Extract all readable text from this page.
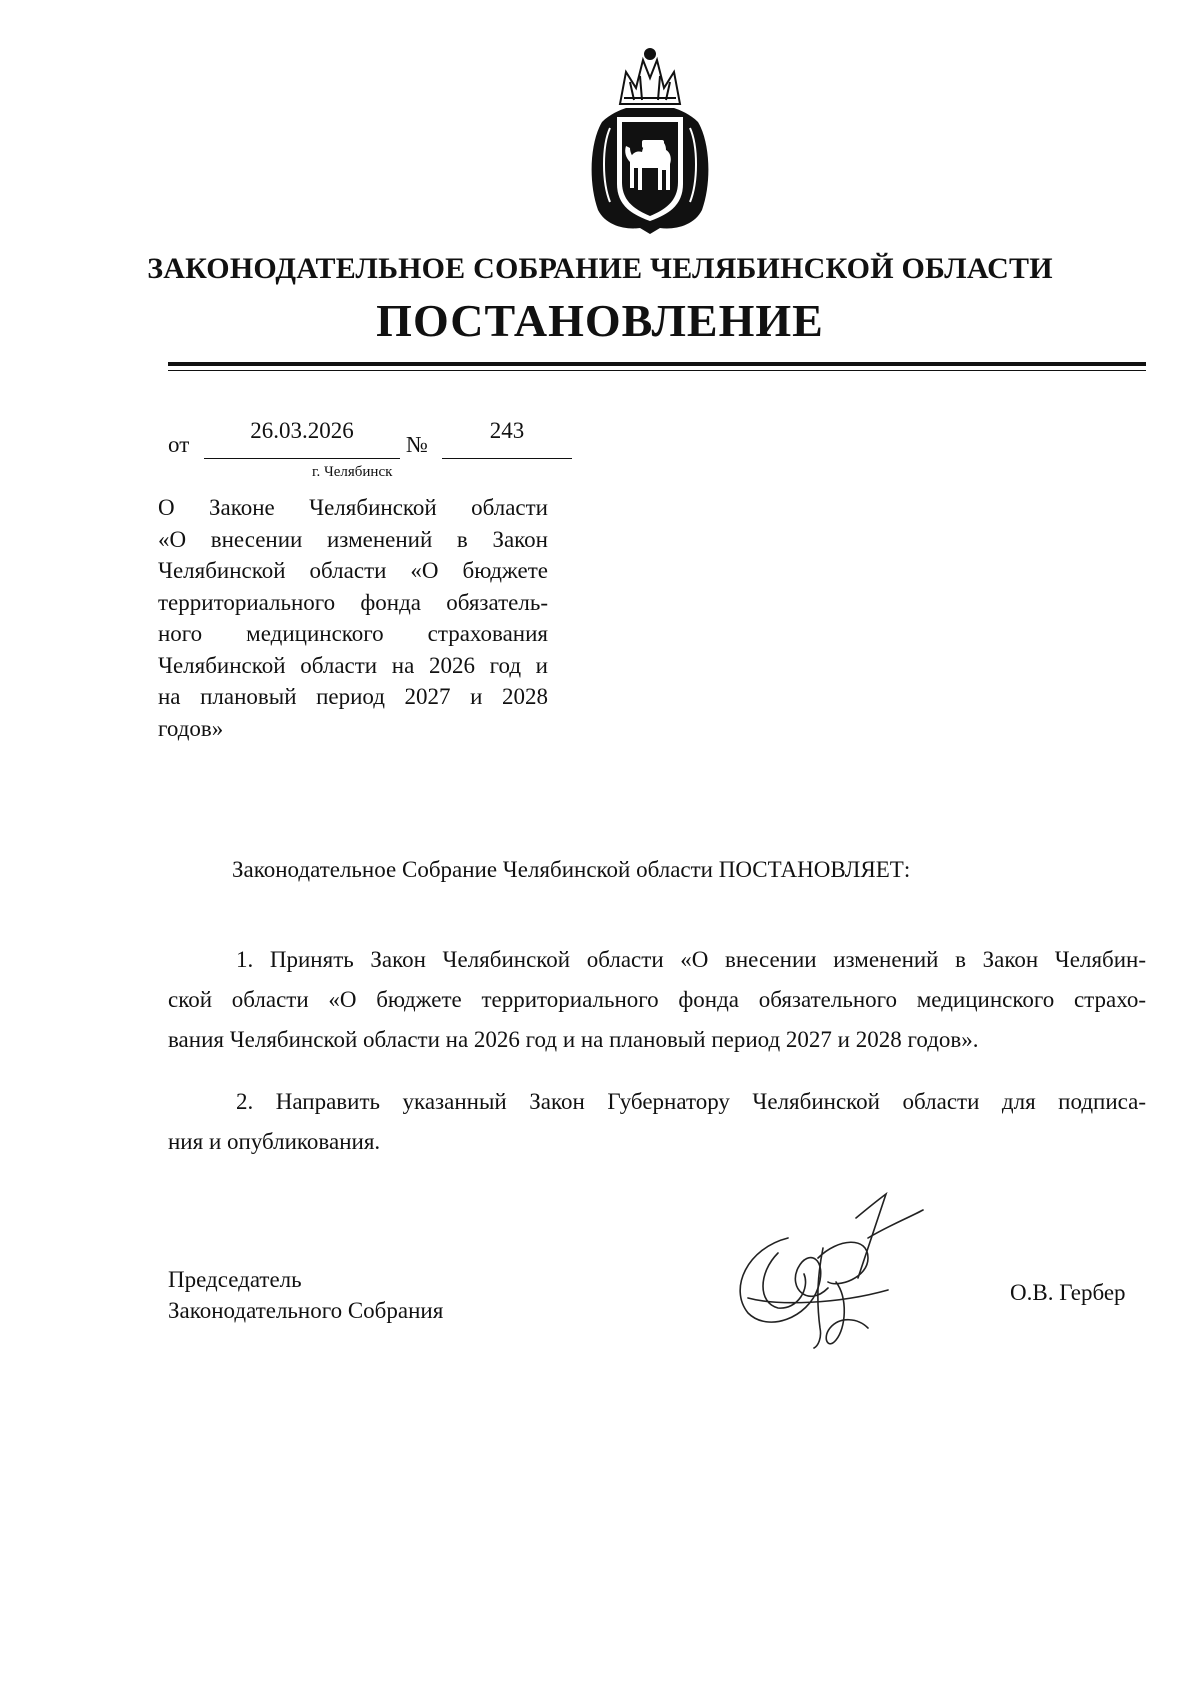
ЗАКОНОДАТЕЛЬНОЕ СОБРАНИЕ ЧЕЛЯБИНСКОЙ ОБЛАСТИ
ПОСТАНОВЛЕНИЕ
от
26.03.2026
№
243
г. Челябинск
О Законе Челябинской области
«О внесении изменений в Закон
Челябинской области «О бюджете
территориального фонда обязатель-
ного медицинского страхования
Челябинской области на 2026 год и
на плановый период 2027 и 2028
годов»
Законодательное Собрание Челябинской области ПОСТАНОВЛЯЕТ:
1. Принять Закон Челябинской области «О внесении изменений в Закон Челябин-
ской области «О бюджете территориального фонда обязательного медицинского страхо-
вания Челябинской области на 2026 год и на плановый период 2027 и 2028 годов».
2. Направить указанный Закон Губернатору Челябинской области для подписа-
ния и опубликования.
Председатель
Законодательного Собрания
О.В. Гербер
